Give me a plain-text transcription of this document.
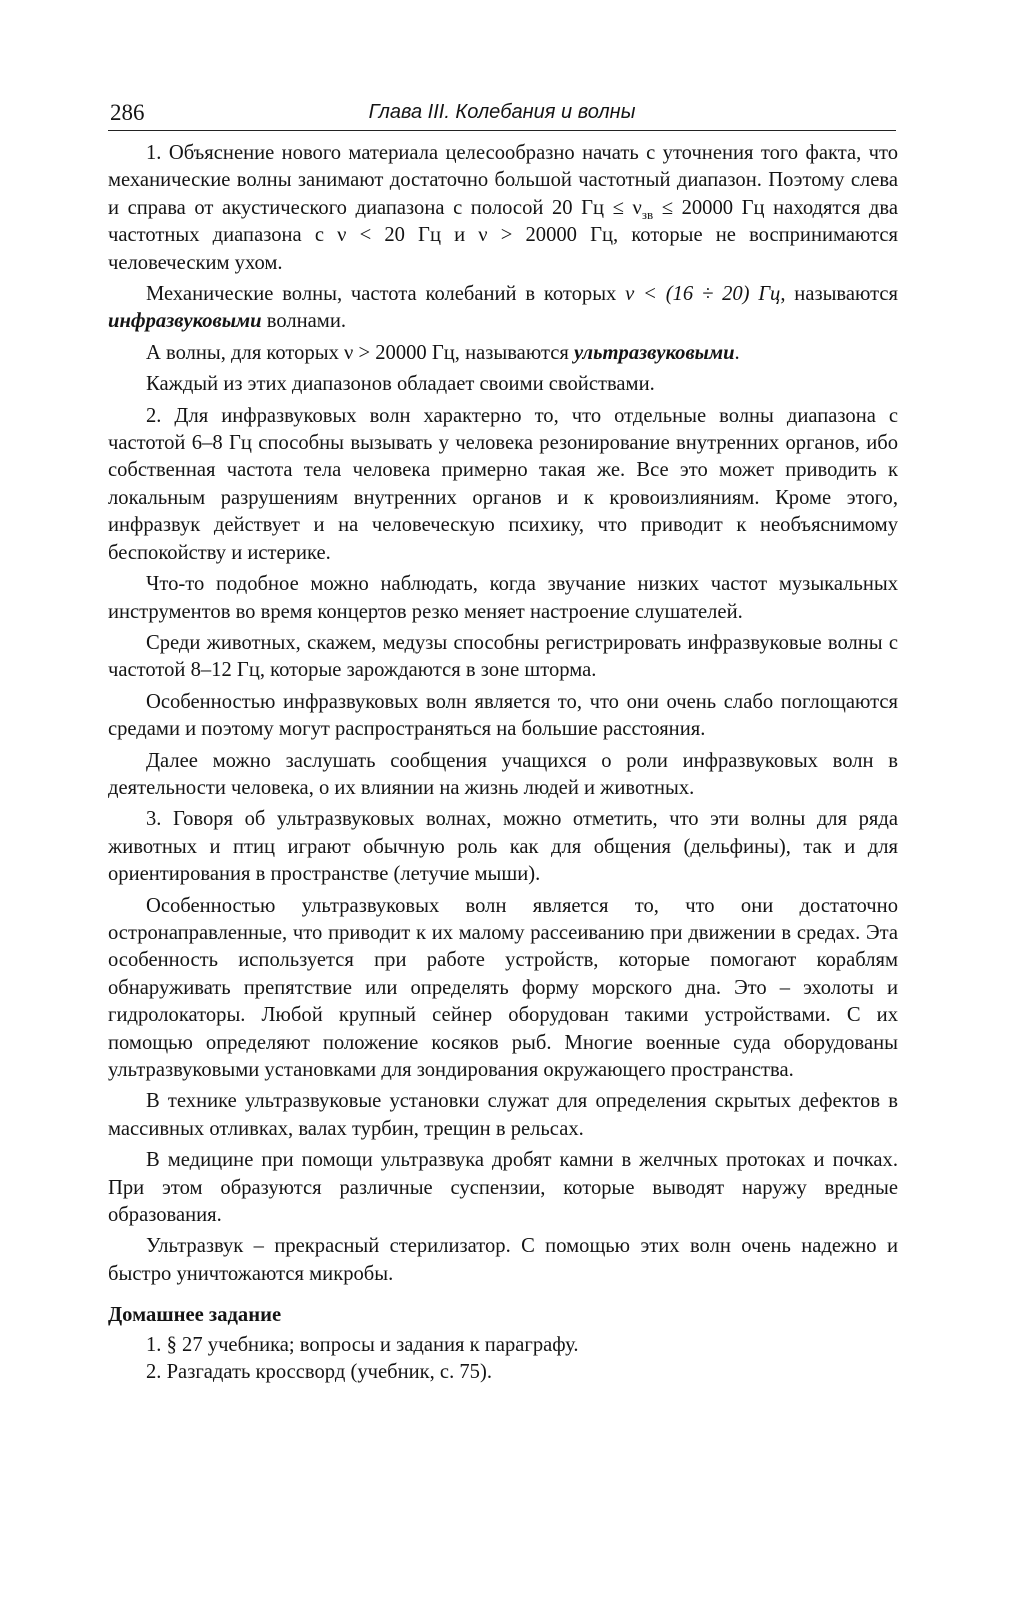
286	Глава III. Колебания и волны

1. Объяснение нового материала целесообразно начать с уточнения того факта, что механические волны занимают достаточно большой частотный диапазон. Поэтому слева и справа от акустического диапазона с полосой 20 Гц ≤ $\nu_{зв} \le 20000$ Гц находятся два частотных диапазона с ν < 20 Гц и ν > 20000 Гц, которые не воспринимаются человеческим ухом.

Механические волны, частота колебаний в которых ν < (16 ÷ 20) Гц, называются инфразвуковыми волнами.

А волны, для которых ν > 20000 Гц, называются ультразвуковыми.

Каждый из этих диапазонов обладает своими свойствами.

2. Для инфразвуковых волн характерно то, что отдельные волны диапазона с частотой 6–8 Гц способны вызывать у человека резонирование внутренних органов, ибо собственная частота тела человека примерно такая же. Все это может приводить к локальным разрушениям внутренних органов и к кровоизлияниям. Кроме этого, инфразвук действует и на человеческую психику, что приводит к необъяснимому беспокойству и истерике.

Что-то подобное можно наблюдать, когда звучание низких частот музыкальных инструментов во время концертов резко меняет настроение слушателей.

Среди животных, скажем, медузы способны регистрировать инфразвуковые волны с частотой 8–12 Гц, которые зарождаются в зоне шторма.

Особенностью инфразвуковых волн является то, что они очень слабо поглощаются средами и поэтому могут распространяться на большие расстояния.

Далее можно заслушать сообщения учащихся о роли инфразвуковых волн в деятельности человека, о их влиянии на жизнь людей и животных.

3. Говоря об ультразвуковых волнах, можно отметить, что эти волны для ряда животных и птиц играют обычную роль как для общения (дельфины), так и для ориентирования в пространстве (летучие мыши).

Особенностью ультразвуковых волн является то, что они достаточно остронаправленные, что приводит к их малому рассеиванию при движении в средах. Эта особенность используется при работе устройств, которые помогают кораблям обнаруживать препятствие или определять форму морского дна. Это – эхолоты и гидролокаторы. Любой крупный сейнер оборудован такими устройствами. С их помощью определяют положение косяков рыб. Многие военные суда оборудованы ультразвуковыми установками для зондирования окружающего пространства.

В технике ультразвуковые установки служат для определения скрытых дефектов в массивных отливках, валах турбин, трещин в рельсах.

В медицине при помощи ультразвука дробят камни в желчных протоках и почках. При этом образуются различные суспензии, которые выводят наружу вредные образования.

Ультразвук – прекрасный стерилизатор. С помощью этих волн очень надежно и быстро уничтожаются микробы.

Домашнее задание
1. § 27 учебника; вопросы и задания к параграфу.
2. Разгадать кроссворд (учебник, с. 75).
